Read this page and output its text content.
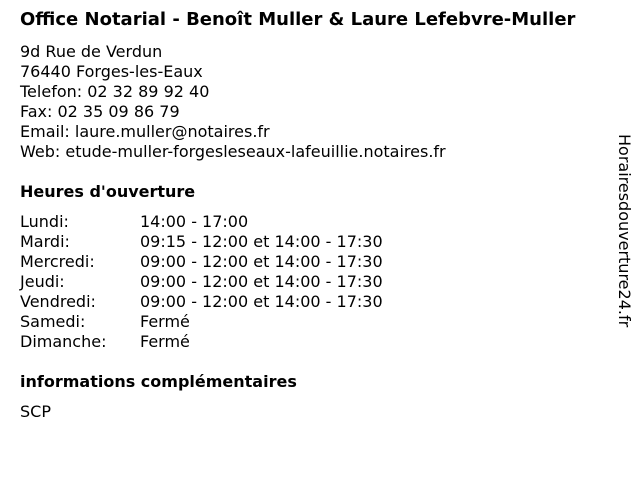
Office Notarial - Benoît Muller & Laure Lefebvre-Muller
9d Rue de Verdun
76440 Forges-les-Eaux
Telefon: 02 32 89 92 40
Fax: 02 35 09 86 79
Email: laure.muller@notaires.fr
Web: etude-muller-forgesleseaux-lafeuillie.notaires.fr
Heures d'ouverture
Lundi:	14:00 - 17:00
Mardi:	09:15 - 12:00 et 14:00 - 17:30
Mercredi:	09:00 - 12:00 et 14:00 - 17:30
Jeudi:	09:00 - 12:00 et 14:00 - 17:30
Vendredi:	09:00 - 12:00 et 14:00 - 17:30
Samedi:	Fermé
Dimanche:	Fermé
informations complémentaires
SCP
Horairesdouverture24.fr
